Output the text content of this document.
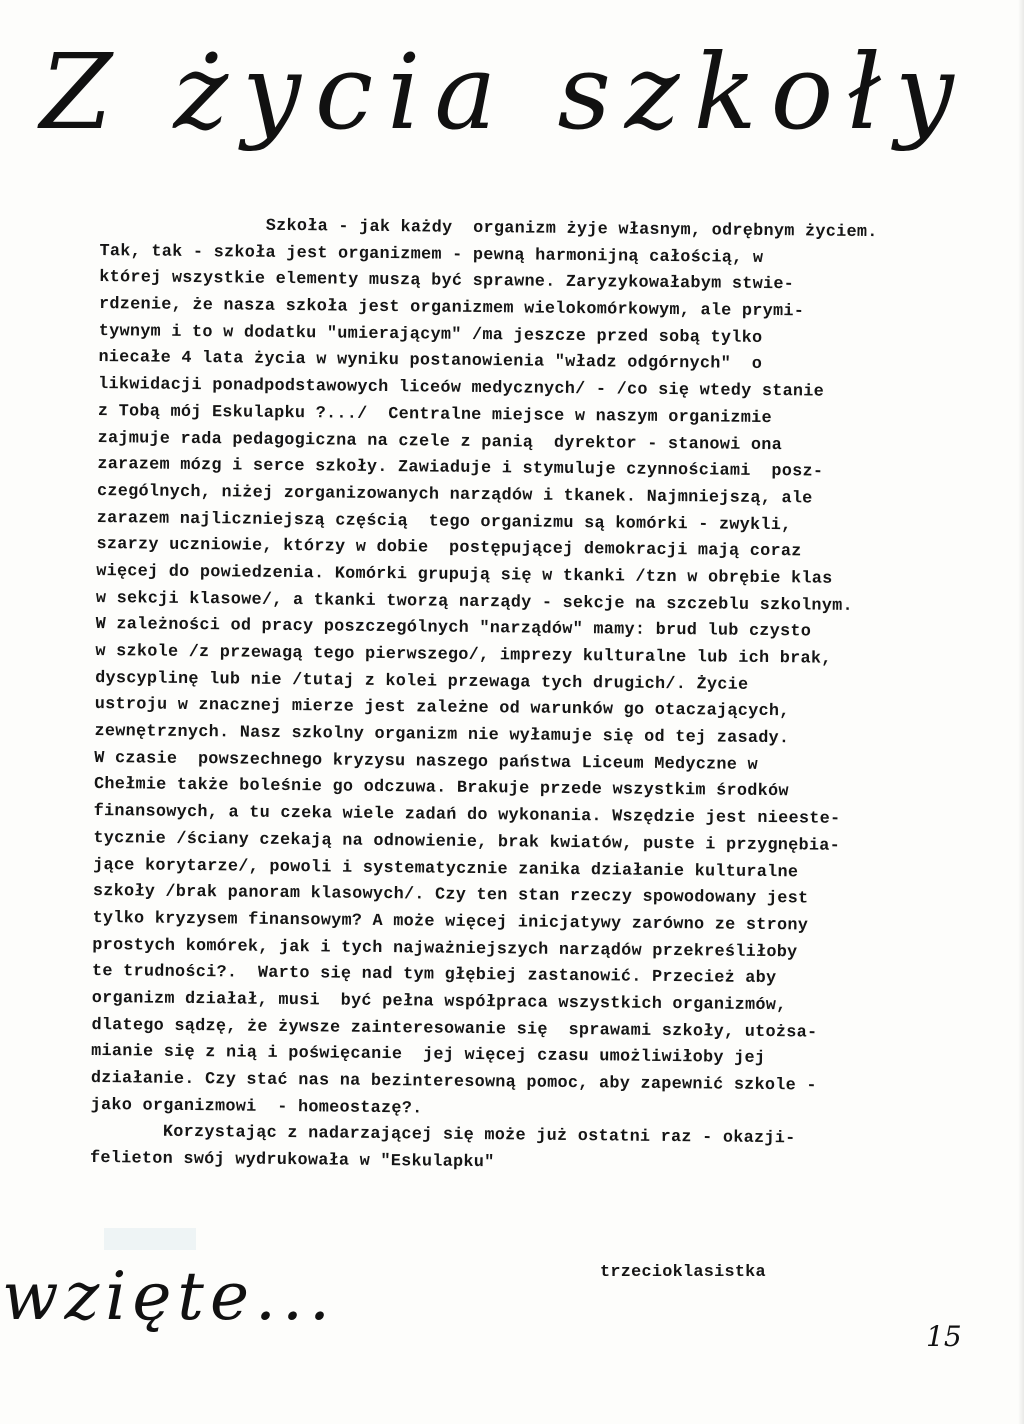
Z życia szkoły
Szkoła - jak każdy  organizm żyje własnym, odrębnym życiem.
Tak, tak - szkoła jest organizmem - pewną harmonijną całością, w
której wszystkie elementy muszą być sprawne. Zaryzykowałabym stwie-
rdzenie, że nasza szkoła jest organizmem wielokomórkowym, ale prymi-
tywnym i to w dodatku "umierającym" /ma jeszcze przed sobą tylko
niecałe 4 lata życia w wyniku postanowienia "władz odgórnych"  o
likwidacji ponadpodstawowych liceów medycznych/ - /co się wtedy stanie
z Tobą mój Eskulapku ?.../  Centralne miejsce w naszym organizmie
zajmuje rada pedagogiczna na czele z panią  dyrektor - stanowi ona
zarazem mózg i serce szkoły. Zawiaduje i stymuluje czynnościami  posz-
czególnych, niżej zorganizowanych narządów i tkanek. Najmniejszą, ale
zarazem najliczniejszą częścią  tego organizmu są komórki - zwykli,
szarzy uczniowie, którzy w dobie  postępującej demokracji mają coraz
więcej do powiedzenia. Komórki grupują się w tkanki /tzn w obrębie klas
w sekcji klasowe/, a tkanki tworzą narządy - sekcje na szczeblu szkolnym.
W zależności od pracy poszczególnych "narządów" mamy: brud lub czysto
w szkole /z przewagą tego pierwszego/, imprezy kulturalne lub ich brak,
dyscyplinę lub nie /tutaj z kolei przewaga tych drugich/. Życie
ustroju w znacznej mierze jest zależne od warunków go otaczających,
zewnętrznych. Nasz szkolny organizm nie wyłamuje się od tej zasady.
W czasie  powszechnego kryzysu naszego państwa Liceum Medyczne w
Chełmie także boleśnie go odczuwa. Brakuje przede wszystkim środków
finansowych, a tu czeka wiele zadań do wykonania. Wszędzie jest nieeste-
tycznie /ściany czekają na odnowienie, brak kwiatów, puste i przygnębia-
jące korytarze/, powoli i systematycznie zanika działanie kulturalne
szkoły /brak panoram klasowych/. Czy ten stan rzeczy spowodowany jest
tylko kryzysem finansowym? A może więcej inicjatywy zarówno ze strony
prostych komórek, jak i tych najważniejszych narządów przekreśliłoby
te trudności?.  Warto się nad tym głębiej zastanowić. Przecież aby
organizm działał, musi  być pełna współpraca wszystkich organizmów,
dlatego sądzę, że żywsze zainteresowanie się  sprawami szkoły, utożsa-
mianie się z nią i poświęcanie  jej więcej czasu umożliwiłoby jej
działanie. Czy stać nas na bezinteresowną pomoc, aby zapewnić szkole -
jako organizmowi  - homeostazę?.
Korzystając z nadarzającej się może już ostatni raz - okazji-
felieton swój wydrukowała w "Eskulapku"
trzecioklasistka
wzięte...
15
